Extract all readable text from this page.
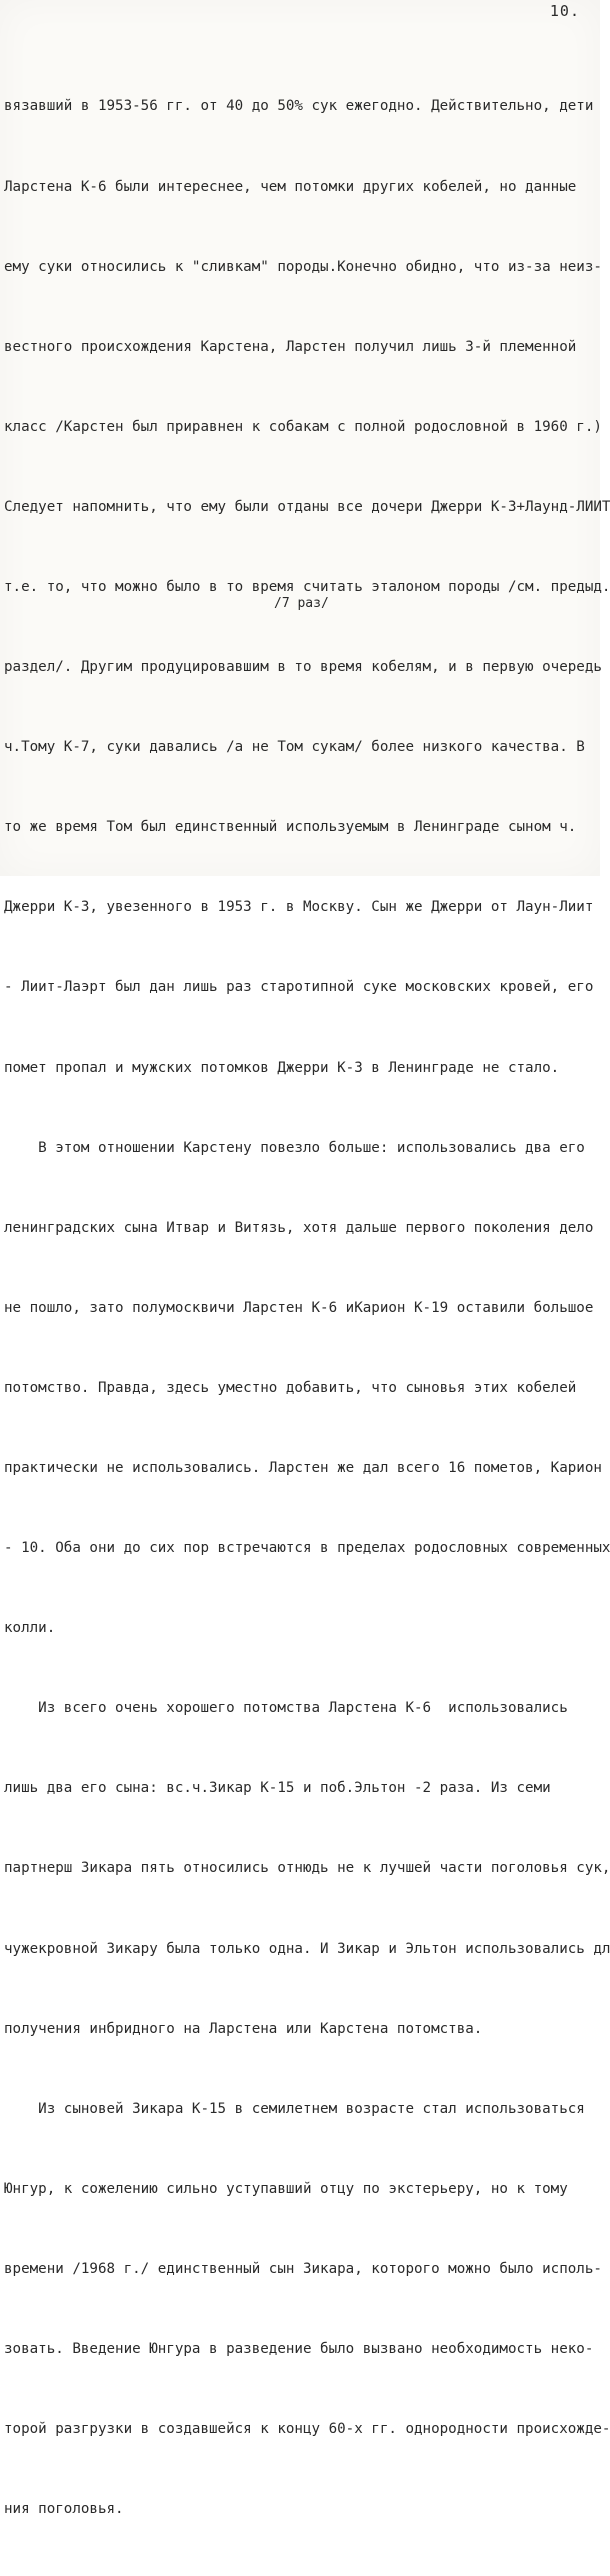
10.

вязавший в 1953-56 гг. от 40 до 50% сук ежегодно. Действительно, дети

Ларстена К-6 были интереснее, чем потомки других кобелей, но данные

ему суки относились к "сливкам" породы.Конечно обидно, что из-за неиз-

вестного происхождения Карстена, Ларстен получил лишь 3-й племенной

класс /Карстен был приравнен к собакам с полной родословной в 1960 г.)

Следует напомнить, что ему были отданы все дочери Джерри К-3+Лаунд-ЛИИТ

т.е. то, что можно было в то время считать эталоном породы /см. предыд.

раздел/. Другим продуцировавшим в то время кобелям, и в первую очередь

ч.Тому К-7, суки давались /а не Том сукам/ более низкого качества. В

то же время Том был единственный используемым в Ленинграде сыном ч.

Джерри К-3, увезенного в 1953 г. в Москву. Сын же Джерри от Лаун-Лиит

- Лиит-Лаэрт был дан лишь раз старотипной суке московских кровей, его

помет пропал и мужских потомков Джерри К-3 в Ленинграде не стало.

В этом отношении Карстену повезло больше: использовались два его

ленинградских сына Итвар и Витязь, хотя дальше первого поколения дело

не пошло, зато полумосквичи Ларстен К-6 иКарион К-19 оставили большое

потомство. Правда, здесь уместно добавить, что сыновья этих кобелей

практически не использовались. Ларстен же дал всего 16 пометов, Карион

- 10. Оба они до сих пор встречаются в пределах родословных современных

колли.

Из всего очень хорошего потомства Ларстена К-6  использовались

лишь два его сына: вс.ч.Зикар К-15 и поб.Эльтон -2 раза. Из семи

партнерш Зикара пять относились отнюдь не к лучшей части поголовья сук,

чужекровной Зикару была только одна. И Зикар и Эльтон использовались дл

получения инбридного на Ларстена или Карстена потомства.

Из сыновей Зикара К-15 в семилетнем возрасте стал использоваться

Юнгур, к сожелению сильно уступавший отцу по экстерьеру, но к тому

времени /1968 г./ единственный сын Зикара, которого можно было исполь-

зовать. Введение Юнгура в разведение было вызвано необходимость неко-

торой разгрузки в создавшейся к концу 60-х гг. однородности происхожде-

ния поголовья.

/7 раз/
